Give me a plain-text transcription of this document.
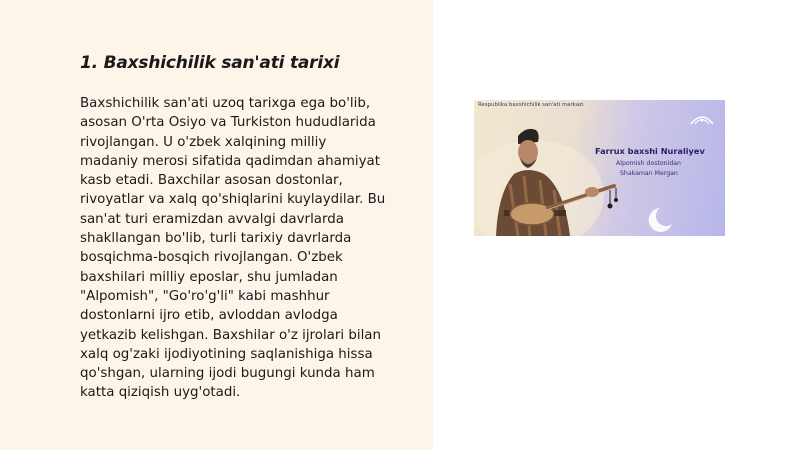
1. Baxshichilik san'ati tarixi
Baxshichilik san'ati uzoq tarixga ega bo'lib,
asosan O'rta Osiyo va Turkiston hududlarida
rivojlangan. U o'zbek xalqining milliy
madaniy merosi sifatida qadimdan ahamiyat
kasb etadi. Baxchilar asosan dostonlar,
rivoyatlar va xalq qo'shiqlarini kuylaydilar. Bu
san'at turi eramizdan avvalgi davrlarda
shakllangan bo'lib, turli tarixiy davrlarda
bosqichma-bosqich rivojlangan. O'zbek
baxshilari milliy eposlar, shu jumladan
"Alpomish", "Go'ro'g'li" kabi mashhur
dostonlarni ijro etib, avloddan avlodga
yetkazib kelishgan. Baxshilar o'z ijrolari bilan
xalq og'zaki ijodiyotining saqlanishiga hissa
qo'shgan, ularning ijodi bugungi kunda ham
katta qiziqish uyg'otadi.
Respublika baxshichilik san'ati markazi
Farrux baxshi Nuraliyev
Alpomish dostonidan
Shakaman Mergan
